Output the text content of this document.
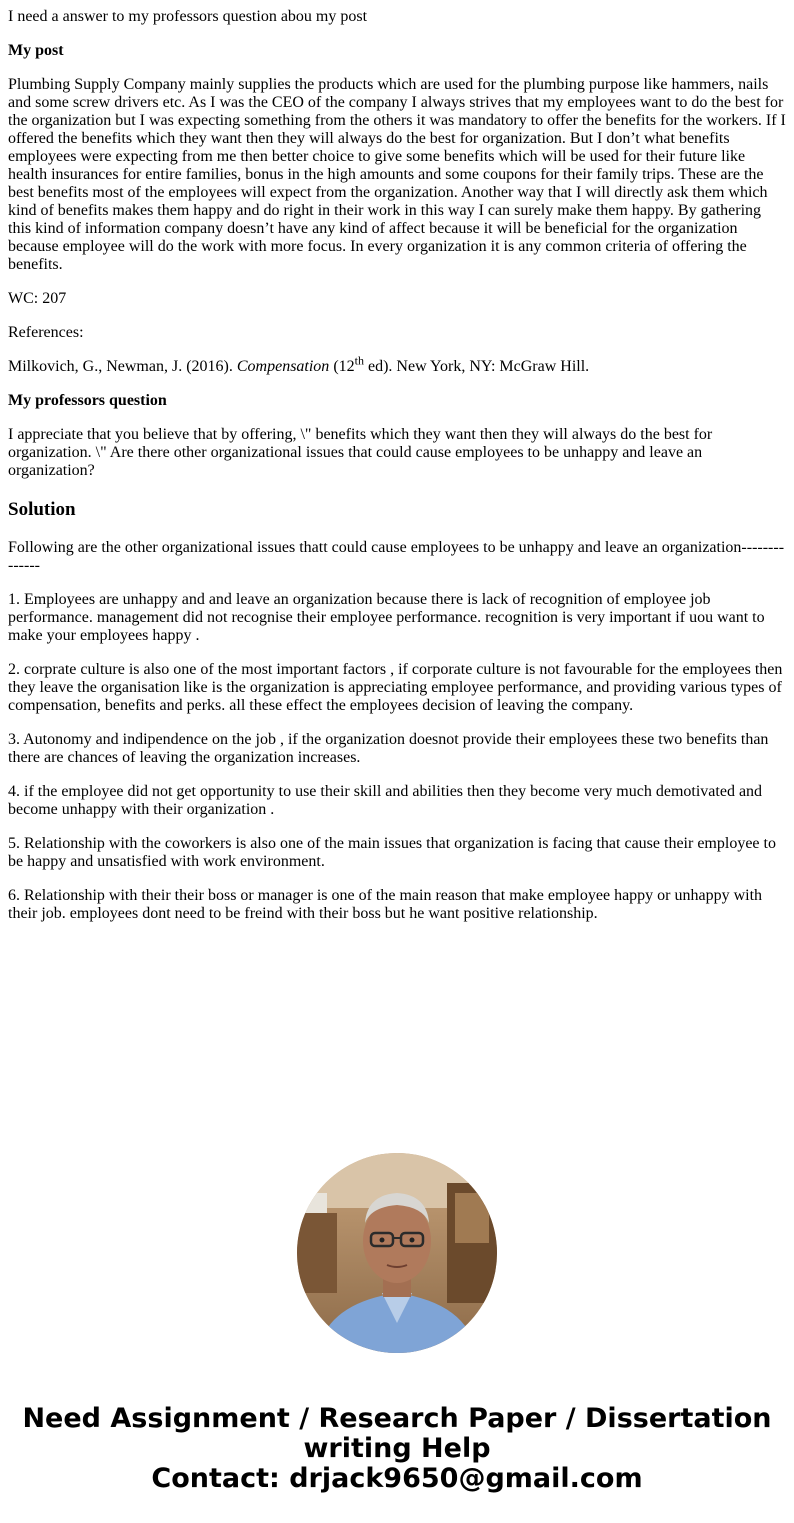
I need a answer to my professors question abou my post

My post

Plumbing Supply Company mainly supplies the products which are used for the plumbing purpose like hammers, nails and some screw drivers etc. As I was the CEO of the company I always strives that my employees want to do the best for the organization but I was expecting something from the others it was mandatory to offer the benefits for the workers. If I offered the benefits which they want then they will always do the best for organization. But I don’t what benefits employees were expecting from me then better choice to give some benefits which will be used for their future like health insurances for entire families, bonus in the high amounts and some coupons for their family trips. These are the best benefits most of the employees will expect from the organization. Another way that I will directly ask them which kind of benefits makes them happy and do right in their work in this way I can surely make them happy. By gathering this kind of information company doesn’t have any kind of affect because it will be beneficial for the organization because employee will do the work with more focus. In every organization it is any common criteria of offering the benefits.

WC: 207

References:

Milkovich, G., Newman, J. (2016). Compensation (12th ed). New York, NY: McGraw Hill.

My professors question

I appreciate that you believe that by offering, \" benefits which they want then they will always do the best for organization. \" Are there other organizational issues that could cause employees to be unhappy and leave an organization?

Solution

Following are the other organizational issues thatt could cause employees to be unhappy and leave an organization--------------

1. Employees are unhappy and and leave an organization because there is lack of recognition of employee job performance. management did not recognise their employee performance. recognition is very important if uou want to make your employees happy .

2. corprate culture is also one of the most important factors , if corporate culture is not favourable for the employees then they leave the organisation like is the organization is appreciating employee performance, and providing various types of compensation, benefits and perks. all these effect the employees decision of leaving the company.

3. Autonomy and indipendence on the job , if the organization doesnot provide their employees these two benefits than there are chances of leaving the organization increases.

4. if the employee did not get opportunity to use their skill and abilities then they become very much demotivated and become unhappy with their organization .

5. Relationship with the coworkers is also one of the main issues that organization is facing that cause their employee to be happy and unsatisfied with work environment.

6. Relationship with their their boss or manager is one of the main reason that make employee happy or unhappy with their job. employees dont need to be freind with their boss but he want positive relationship.

Need Assignment / Research Paper / Dissertation
writing Help
Contact: drjack9650@gmail.com
